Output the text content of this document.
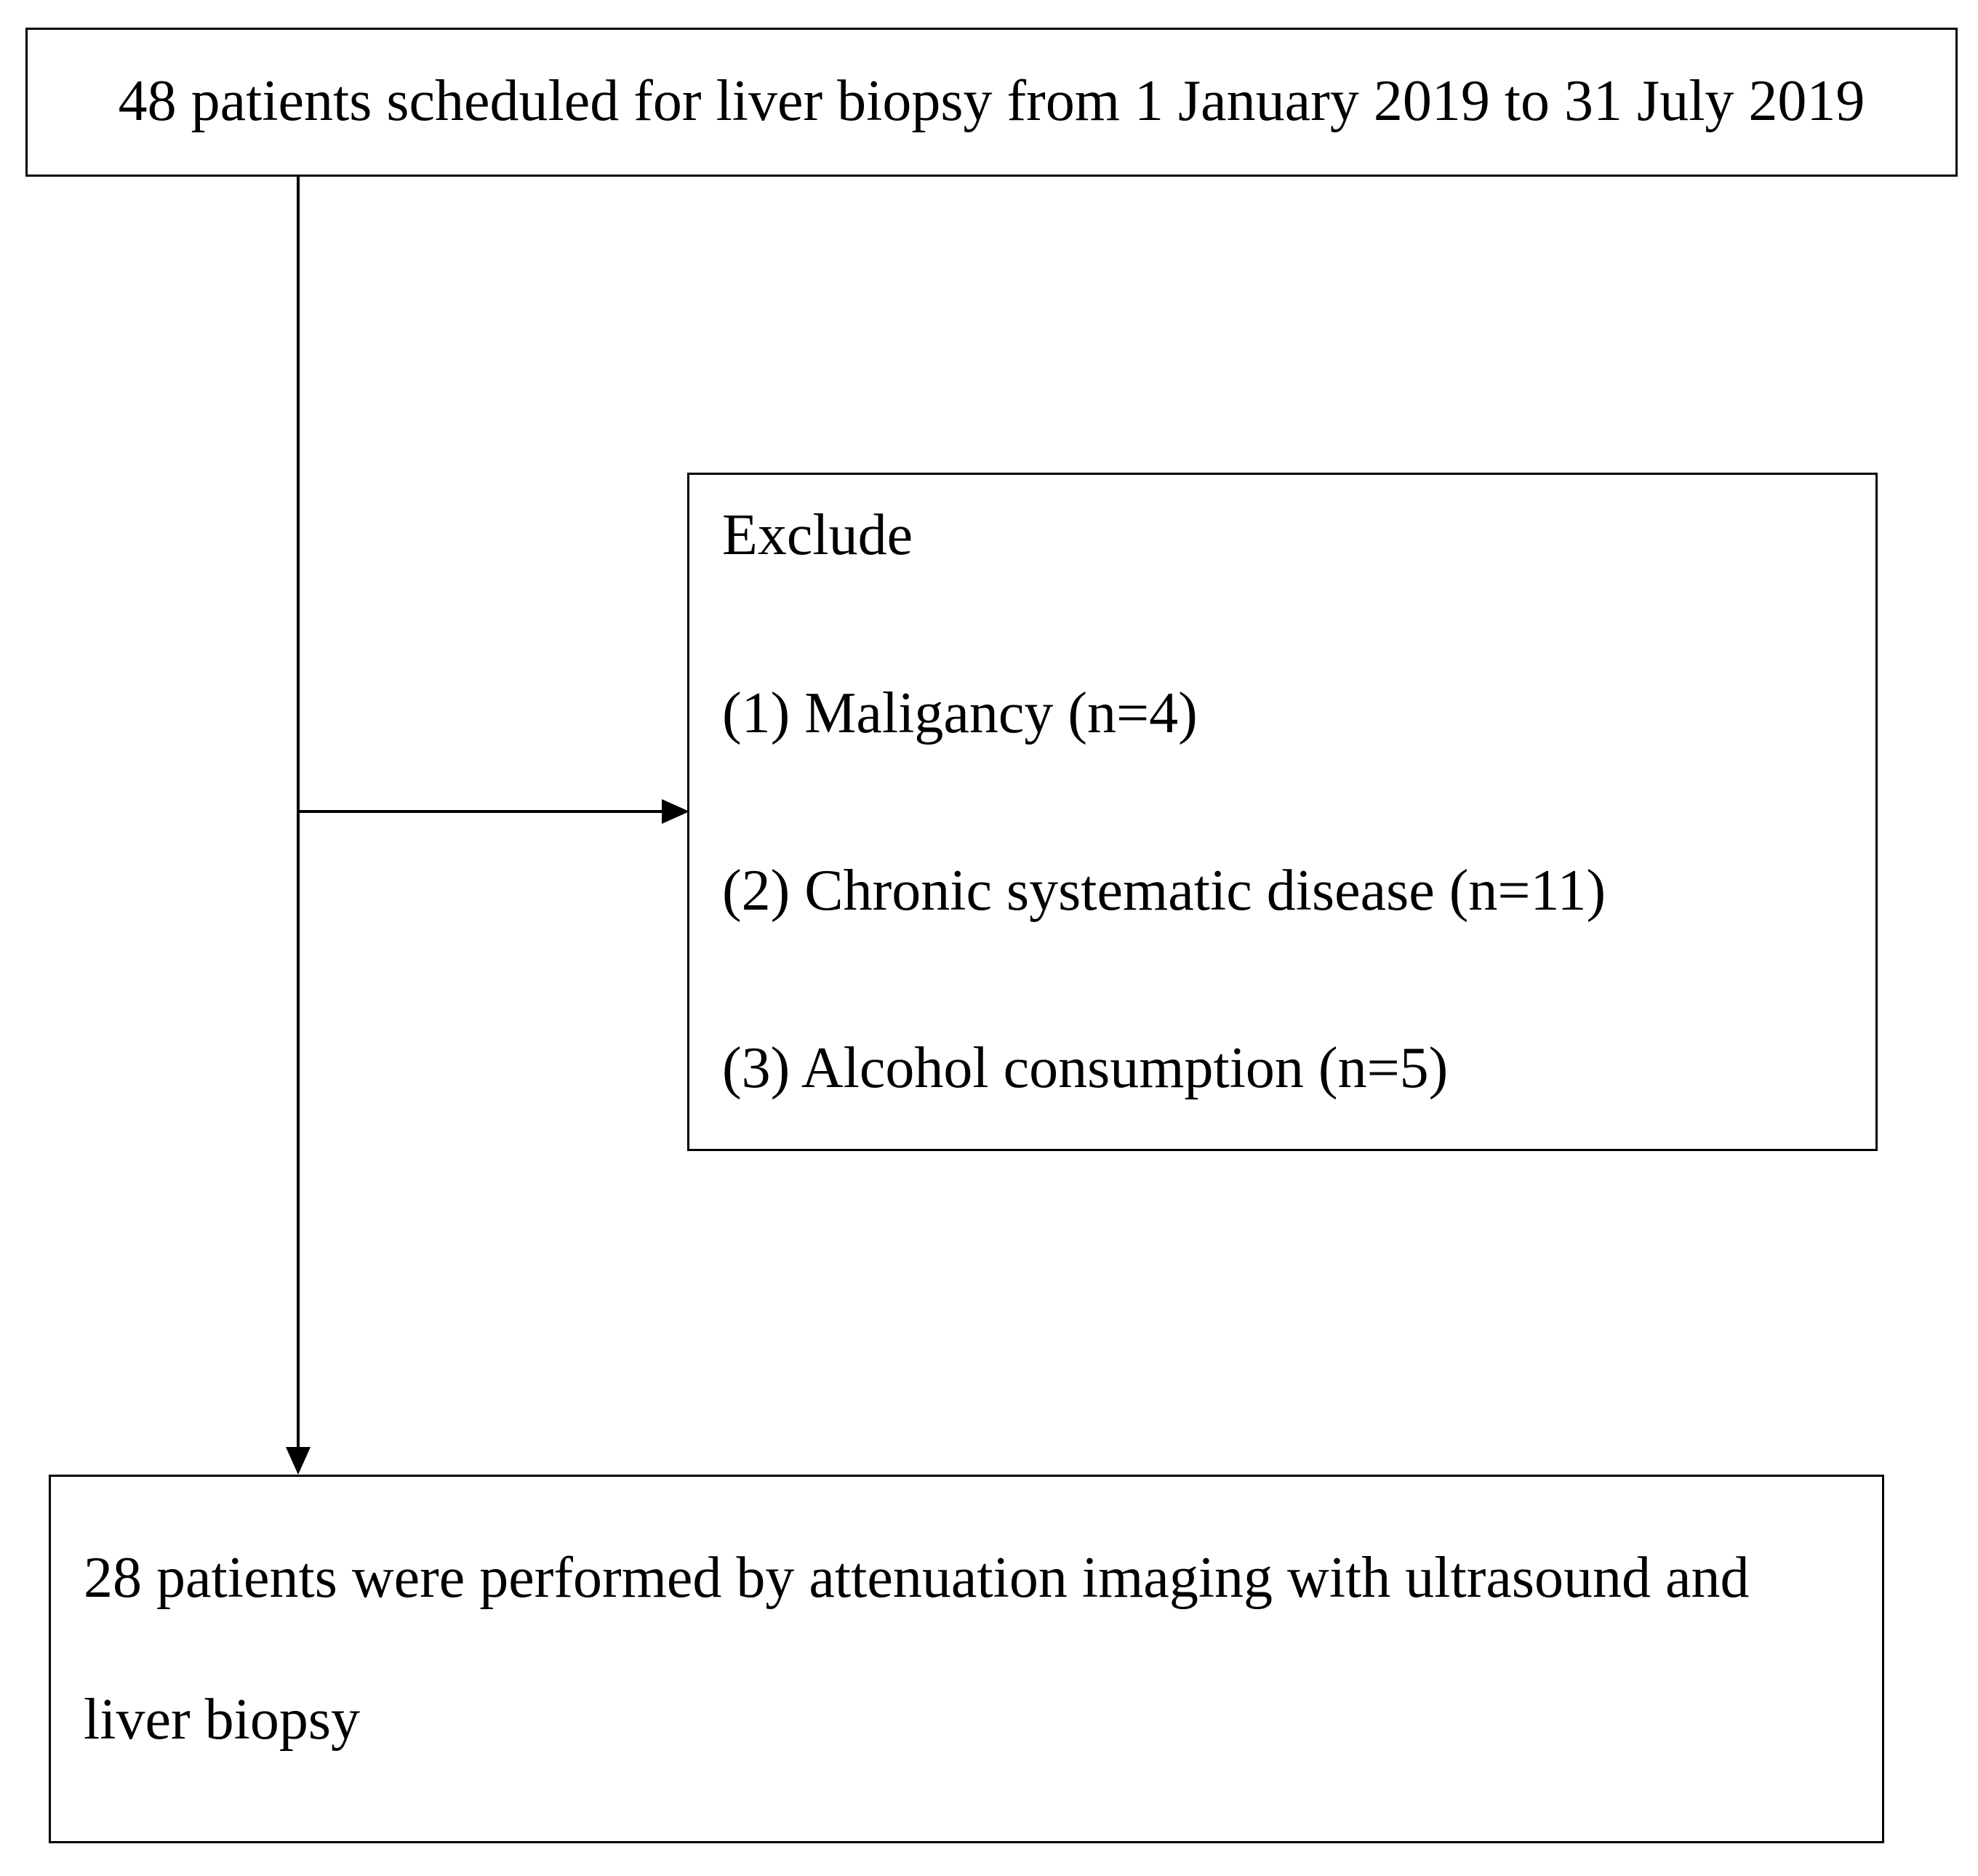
48 patients scheduled for liver biopsy from 1 January 2019 to 31 July 2019
Exclude
(1) Maligancy (n=4)
(2) Chronic systematic disease (n=11)
(3) Alcohol consumption (n=5)
28 patients were performed by attenuation imaging with ultrasound and liver biopsy
